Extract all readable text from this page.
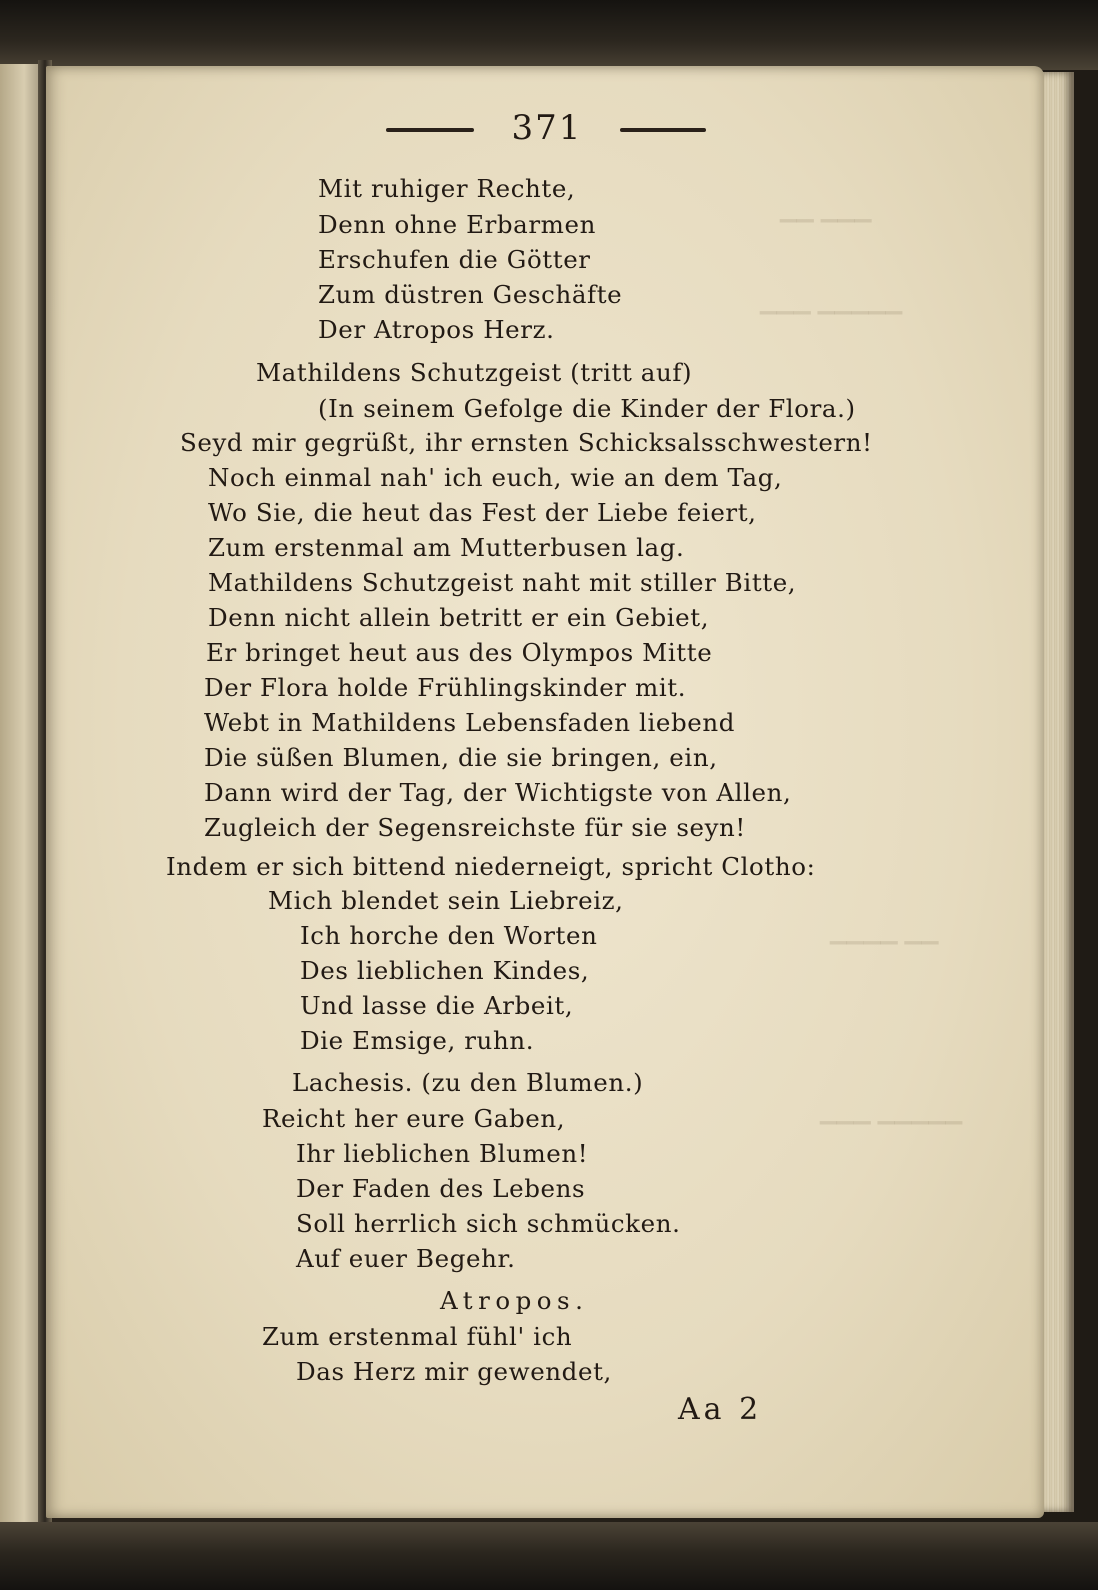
▁▁ ▁▁▁
▁▁▁ ▁▁▁▁▁
▁▁▁▁ ▁▁
▁▁▁ ▁▁▁▁▁
371
Mit ruhiger Rechte,
Denn ohne Erbarmen
Erschufen die Götter
Zum düstren Geschäfte
Der Atropos Herz.
Mathildens Schutzgeist (tritt auf)
(In seinem Gefolge die Kinder der Flora.)
Seyd mir gegrüßt, ihr ernsten Schicksalsschwestern!
Noch einmal nah' ich euch, wie an dem Tag,
Wo Sie, die heut das Fest der Liebe feiert,
Zum erstenmal am Mutterbusen lag.
Mathildens Schutzgeist naht mit stiller Bitte,
Denn nicht allein betritt er ein Gebiet,
Er bringet heut aus des Olympos Mitte
Der Flora holde Frühlingskinder mit.
Webt in Mathildens Lebensfaden liebend
Die süßen Blumen, die sie bringen, ein,
Dann wird der Tag, der Wichtigste von Allen,
Zugleich der Segensreichste für sie seyn!
Indem er sich bittend niederneigt, spricht Clotho:
Mich blendet sein Liebreiz,
Ich horche den Worten
Des lieblichen Kindes,
Und lasse die Arbeit,
Die Emsige, ruhn.
Lachesis. (zu den Blumen.)
Reicht her eure Gaben,
Ihr lieblichen Blumen!
Der Faden des Lebens
Soll herrlich sich schmücken.
Auf euer Begehr.
Atropos.
Zum erstenmal fühl' ich
Das Herz mir gewendet,
Aa 2
